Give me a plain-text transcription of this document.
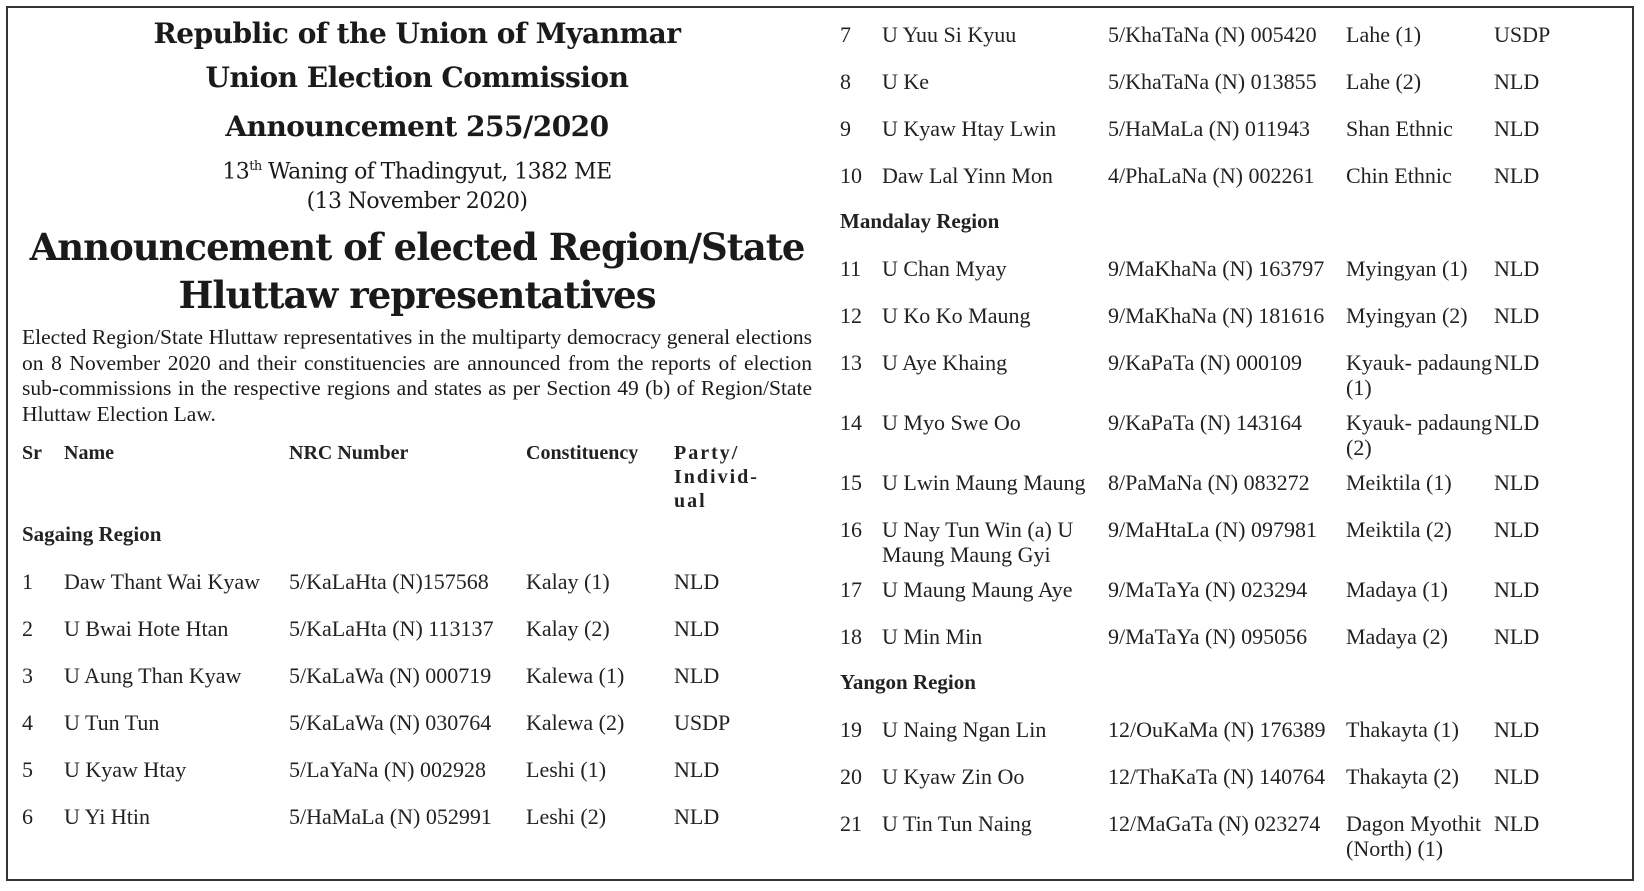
Republic of the Union of Myanmar
Union Election Commission
Announcement 255/2020
13th Waning of Thadingyut, 1382 ME
(13 November 2020)
Announcement of elected Region/State Hluttaw representatives
Elected Region/State Hluttaw representatives in the multiparty democracy general elections on 8 November 2020 and their constituencies are announced from the reports of election sub-commissions in the respective regions and states as per Section 49 (b) of Region/State Hluttaw Election Law.
Sr	Name	NRC Number	Constituency	Party/ Individ- ual
Sagaing Region				
1	Daw Thant Wai Kyaw	5/KaLaHta (N)157568	Kalay (1)	NLD
2	U Bwai Hote Htan	5/KaLaHta (N) 113137	Kalay (2)	NLD
3	U Aung Than Kyaw	5/KaLaWa (N) 000719	Kalewa (1)	NLD
4	U Tun Tun	5/KaLaWa (N) 030764	Kalewa (2)	USDP
5	U Kyaw Htay	5/LaYaNa (N) 002928	Leshi (1)	NLD
6	U Yi Htin	5/HaMaLa (N) 052991	Leshi (2)	NLD
7	U Yuu Si Kyuu	5/KhaTaNa (N) 005420	Lahe (1)	USDP
8	U Ke	5/KhaTaNa (N) 013855	Lahe (2)	NLD
9	U Kyaw Htay Lwin	5/HaMaLa (N) 011943	Shan Ethnic	NLD
10	Daw Lal Yinn Mon	4/PhaLaNa (N) 002261	Chin Ethnic	NLD
Mandalay Region				
11	U Chan Myay	9/MaKhaNa (N) 163797	Myingyan (1)	NLD
12	U Ko Ko Maung	9/MaKhaNa (N) 181616	Myingyan (2)	NLD
13	U Aye Khaing	9/KaPaTa (N) 000109	Kyauk- padaung (1)	NLD
14	U Myo Swe Oo	9/KaPaTa (N) 143164	Kyauk- padaung (2)	NLD
15	U Lwin Maung Maung	8/PaMaNa (N) 083272	Meiktila (1)	NLD
16	U Nay Tun Win (a) U Maung Maung Gyi	9/MaHtaLa (N) 097981	Meiktila (2)	NLD
17	U Maung Maung Aye	9/MaTaYa (N) 023294	Madaya (1)	NLD
18	U Min Min	9/MaTaYa (N) 095056	Madaya (2)	NLD
Yangon Region				
19	U Naing Ngan Lin	12/OuKaMa (N) 176389	Thakayta (1)	NLD
20	U Kyaw Zin Oo	12/ThaKaTa (N) 140764	Thakayta (2)	NLD
21	U Tin Tun Naing	12/MaGaTa (N) 023274	Dagon Myothit (North) (1)	NLD
